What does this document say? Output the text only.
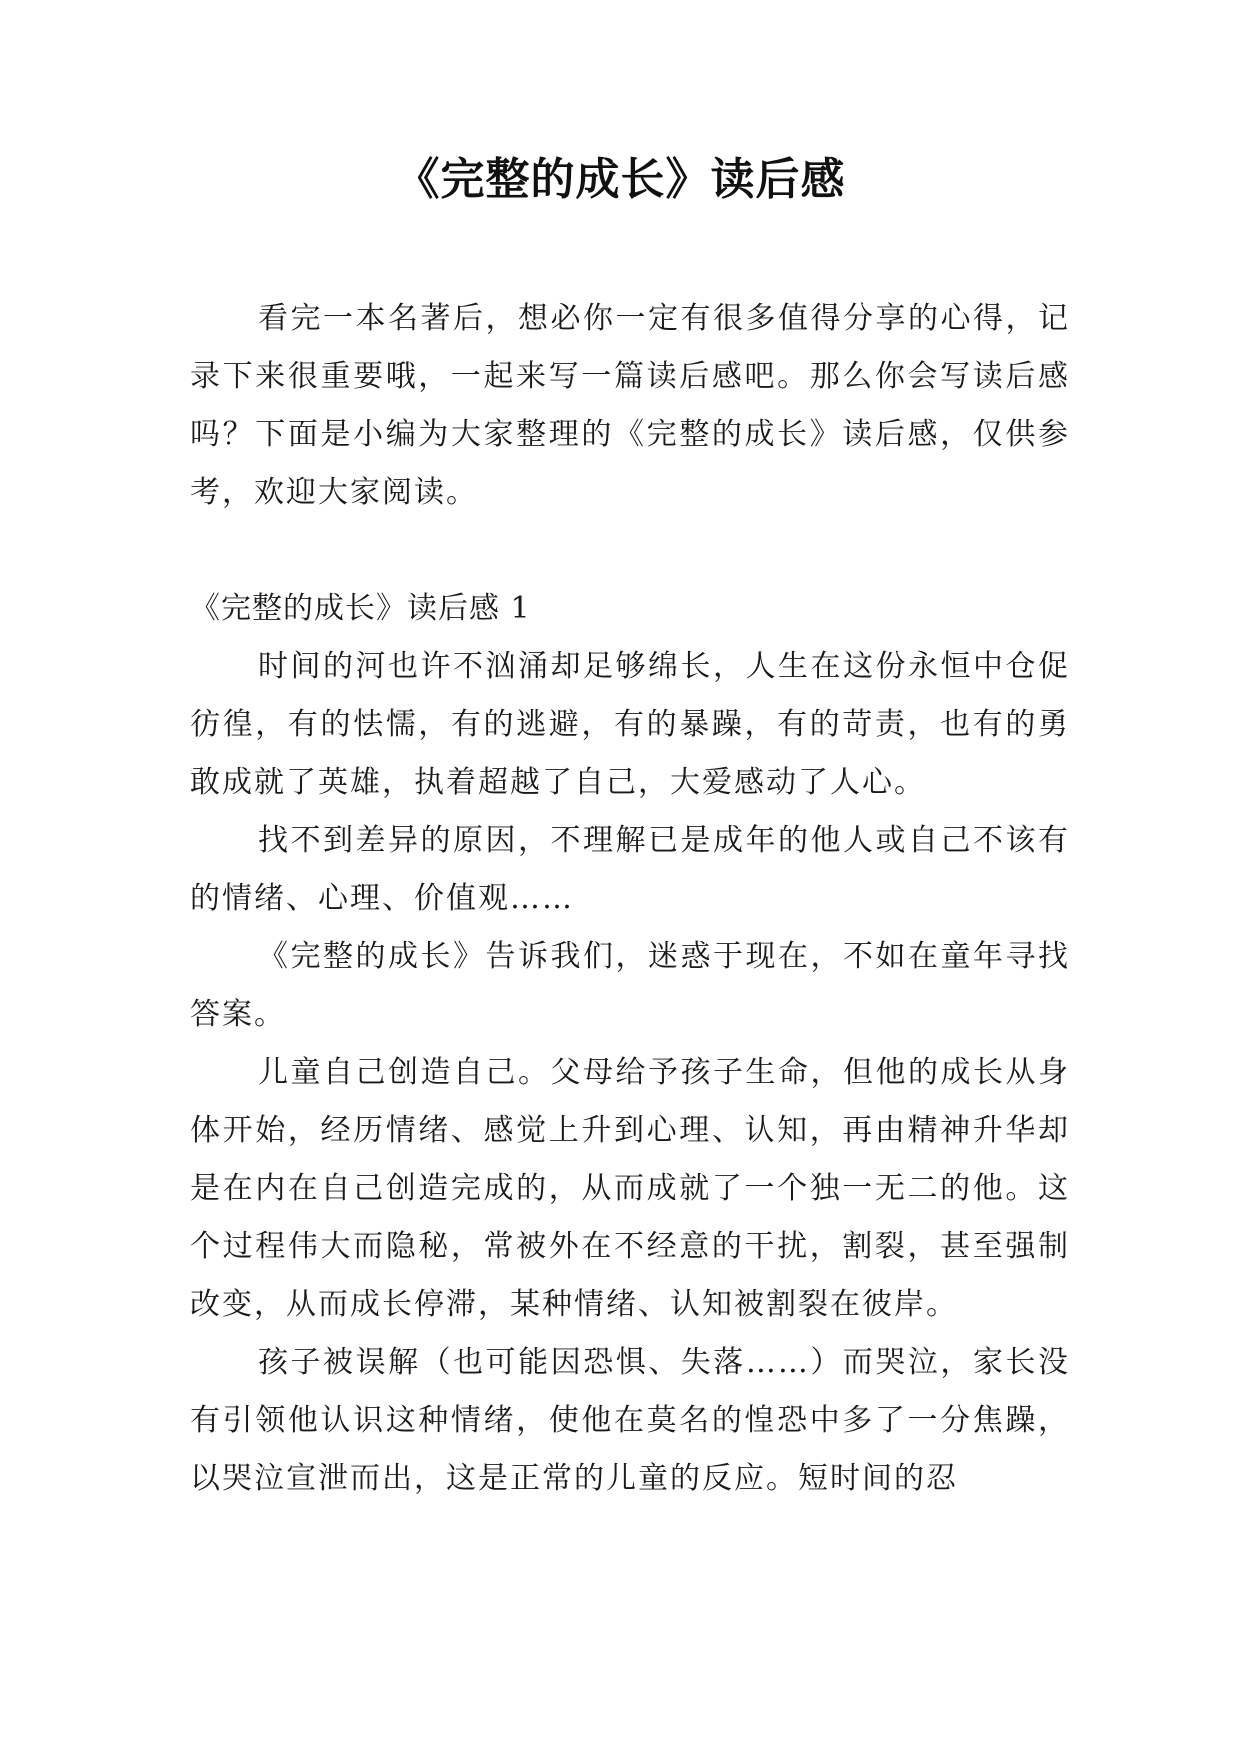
《完整的成长》读后感

看完一本名著后，想必你一定有很多值得分享的心得，记录下来很重要哦，一起来写一篇读后感吧。那么你会写读后感吗？下面是小编为大家整理的《完整的成长》读后感，仅供参考，欢迎大家阅读。

《完整的成长》读后感 1

时间的河也许不汹涌却足够绵长，人生在这份永恒中仓促彷徨，有的怯懦，有的逃避，有的暴躁，有的苛责，也有的勇敢成就了英雄，执着超越了自己，大爱感动了人心。

找不到差异的原因，不理解已是成年的他人或自己不该有的情绪、心理、价值观……

《完整的成长》告诉我们，迷惑于现在，不如在童年寻找答案。

儿童自己创造自己。父母给予孩子生命，但他的成长从身体开始，经历情绪、感觉上升到心理、认知，再由精神升华却是在内在自己创造完成的，从而成就了一个独一无二的他。这个过程伟大而隐秘，常被外在不经意的干扰，割裂，甚至强制改变，从而成长停滞，某种情绪、认知被割裂在彼岸。

孩子被误解（也可能因恐惧、失落……）而哭泣，家长没有引领他认识这种情绪，使他在莫名的惶恐中多了一分焦躁，以哭泣宣泄而出，这是正常的儿童的反应。短时间的忍
